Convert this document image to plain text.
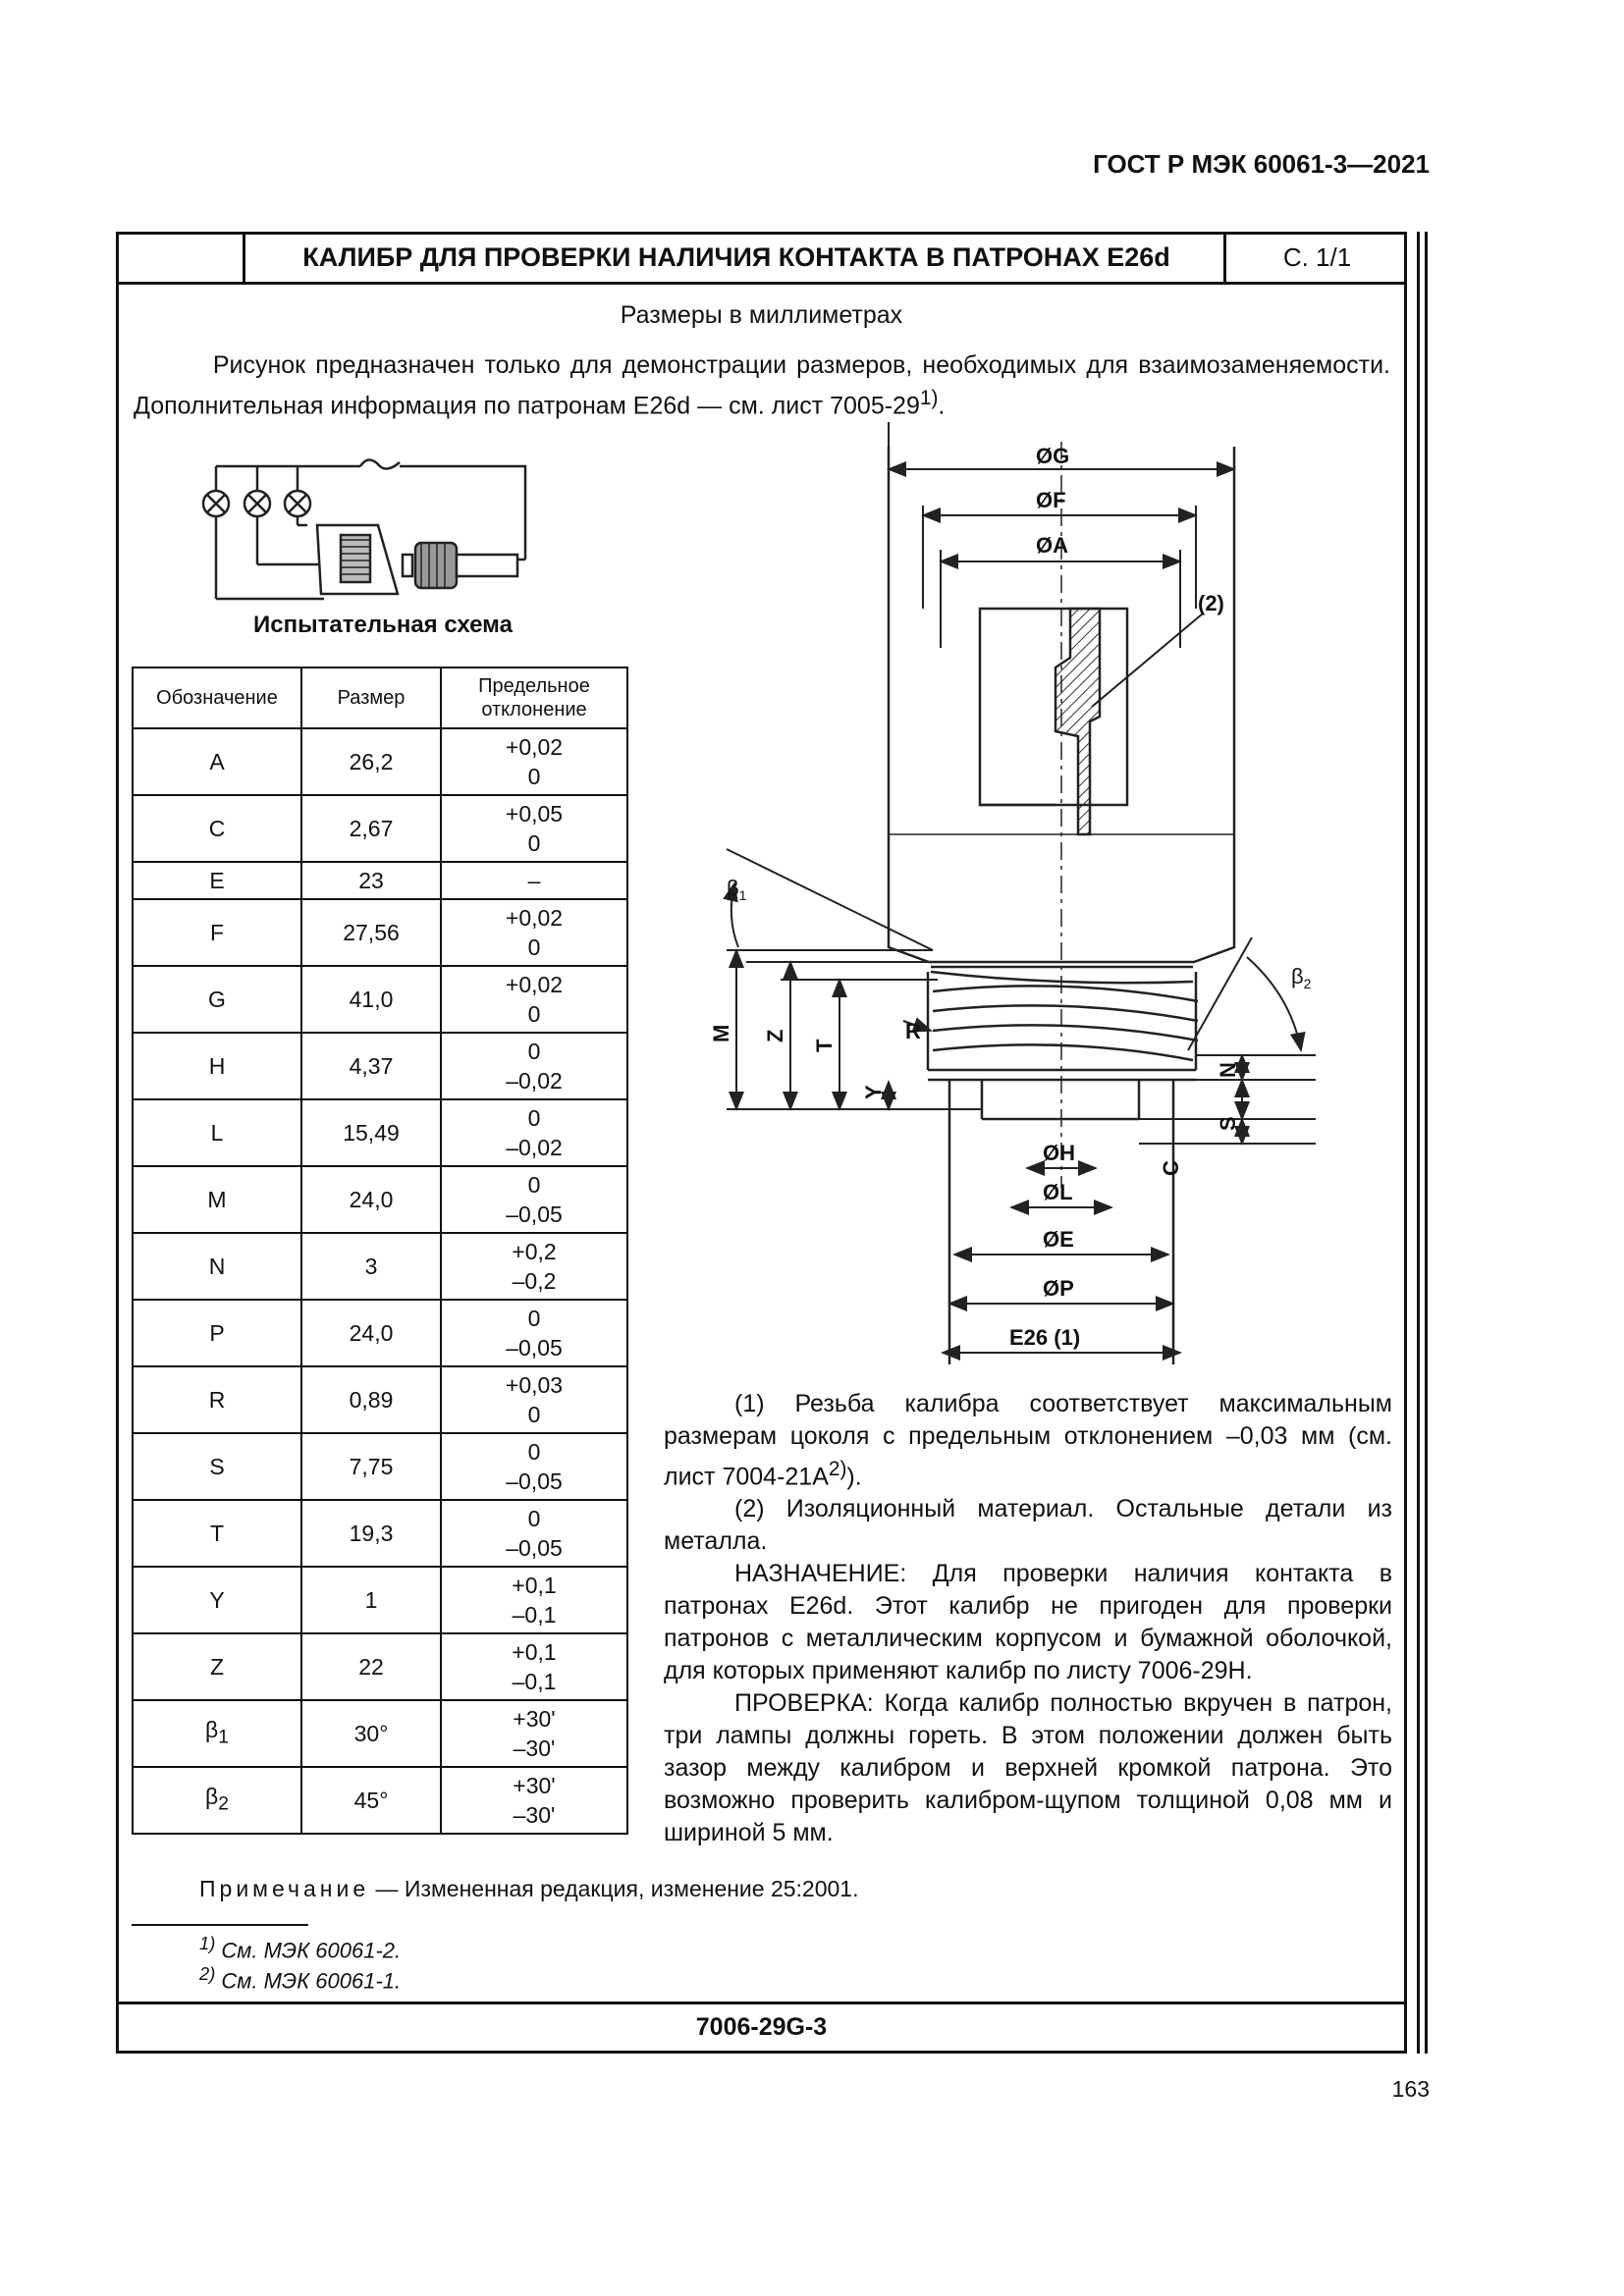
ГОСТ Р МЭК 60061-3—2021
КАЛИБР ДЛЯ ПРОВЕРКИ НАЛИЧИЯ КОНТАКТА В ПАТРОНАХ E26d	С. 1/1
Размеры в миллиметрах
Рисунок предназначен только для демонстрации размеров, необходимых для взаимозаменяемости. Дополнительная информация по патронам E26d — см. лист 7005-29$^{1)}$.
Испытательная схема
Обозначение	Размер	Предельное отклонение
A	26,2	+0,02
0

C	2,67	+0,05
0

E	23	–

F	27,56	+0,02
0

G	41,0	+0,02
0

H	4,37	0
–0,02

L	15,49	0
–0,02

M	24,0	0
–0,05

N	3	+0,2
–0,2

P	24,0	0
–0,05

R	0,89	+0,03
0

S	7,75	0
–0,05

T	19,3	0
–0,05

Y	1	+0,1
–0,1

Z	22	+0,1
–0,1

$\beta_1$	30°	+30'
–30'

$\beta_2$	45°	+30'
–30'
ØG
ØF
ØA
(2)
ØH
ØL
ØE
ØP
E26 (1)
R
$\beta_1$
$\beta_2$
M Z
T
Y
N
S
C

(1) Резьба калибра соответствует максимальным размерам цоколя с предельным отклонением –0,03 мм (см. лист $7004-21A^{2)}$).

(2) Изоляционный материал. Остальные детали из металла.

НАЗНАЧЕНИЕ: Для проверки наличия контакта в патронах E26d. Этот калибр не пригоден для проверки патронов с металлическим корпусом и бумажной оболочкой, для которых применяют калибр по листу 7006-29H.

ПРОВЕРКА: Когда калибр полностью вкручен в патрон, три лампы должны гореть. В этом положении должен быть зазор между калибром и верхней кромкой патрона. Это возможно проверить калибром-щупом толщиной 0,08 мм и шириной 5 мм.

Примечание — Измененная редакция, изменение 25:2001.
$^{1)}$ См. МЭК 60061-2.
$^{2)}$ См. МЭК 60061-1.
7006-29G-3
163
